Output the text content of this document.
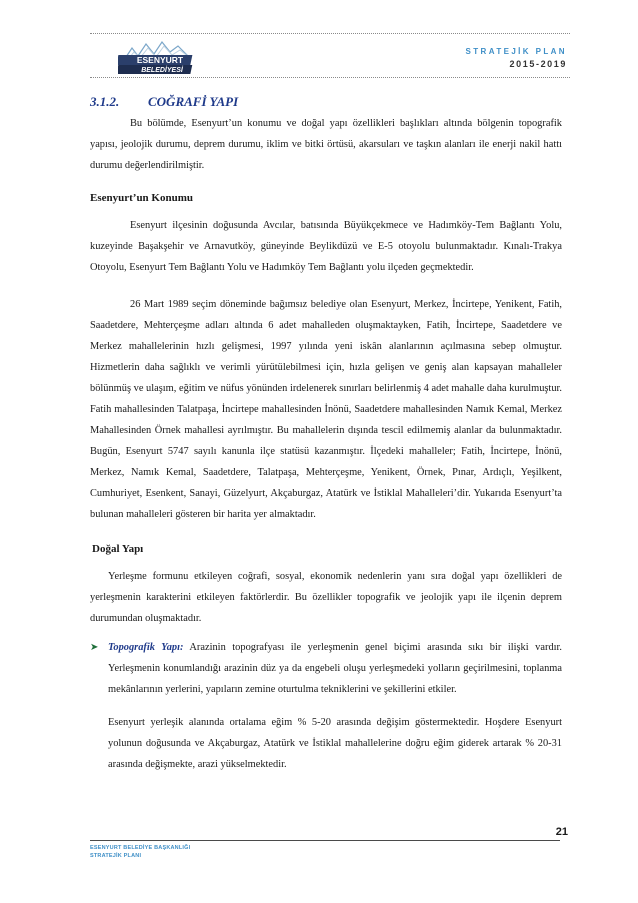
ESENYURT
BELEDİYESİ
STRATEJİK PLAN
2015-2019
3.1.2. COĞRAFİ YAPI

Bu bölümde, Esenyurt’un konumu ve doğal yapı özellikleri başlıkları altında bölgenin topografik yapısı, jeolojik durumu, deprem durumu, iklim ve bitki örtüsü, akarsuları ve taşkın alanları ile enerji nakil hattı durumu değerlendirilmiştir.

Esenyurt’un Konumu

Esenyurt ilçesinin doğusunda Avcılar, batısında Büyükçekmece ve Hadımköy-Tem Bağlantı Yolu, kuzeyinde Başakşehir ve Arnavutköy, güneyinde Beylikdüzü ve E-5 otoyolu bulunmaktadır. Kınalı-Trakya Otoyolu, Esenyurt Tem Bağlantı Yolu ve Hadımköy Tem Bağlantı yolu ilçeden geçmektedir.

26 Mart 1989 seçim döneminde bağımsız belediye olan Esenyurt, Merkez, İncirtepe, Yenikent, Fatih, Saadetdere, Mehterçeşme adları altında 6 adet mahalleden oluşmaktayken, Fatih, İncirtepe, Saadetdere ve Merkez mahallelerinin hızlı gelişmesi, 1997 yılında yeni iskân alanlarının açılmasına sebep olmuştur. Hizmetlerin daha sağlıklı ve verimli yürütülebilmesi için, hızla gelişen ve geniş alan kapsayan mahalleler bölünmüş ve ulaşım, eğitim ve nüfus yönünden irdelenerek sınırları belirlenmiş 4 adet mahalle daha kurulmuştur. Fatih mahallesinden Talatpaşa, İncirtepe mahallesinden İnönü, Saadetdere mahallesinden Namık Kemal, Merkez Mahallesinden Örnek mahallesi ayrılmıştır. Bu mahallelerin dışında tescil edilmemiş alanlar da bulunmaktadır. Bugün, Esenyurt 5747 sayılı kanunla ilçe statüsü kazanmıştır. İlçedeki mahalleler; Fatih, İncirtepe, İnönü, Merkez, Namık Kemal, Saadetdere, Talatpaşa, Mehterçeşme, Yenikent, Örnek, Pınar, Ardıçlı, Yeşilkent, Cumhuriyet, Esenkent, Sanayi, Güzelyurt, Akçaburgaz, Atatürk ve İstiklal Mahalleleri’dir. Yukarıda Esenyurt’ta bulunan mahalleleri gösteren bir harita yer almaktadır.

Doğal Yapı

Yerleşme formunu etkileyen coğrafi, sosyal, ekonomik nedenlerin yanı sıra doğal yapı özellikleri de yerleşmenin karakterini etkileyen faktörlerdir. Bu özellikler topografik ve jeolojik yapı ile ilçenin deprem durumundan oluşmaktadır.

➤ Topografik Yapı: Arazinin topografyası ile yerleşmenin genel biçimi arasında sıkı bir ilişki vardır. Yerleşmenin konumlandığı arazinin düz ya da engebeli oluşu yerleşmedeki yolların geçirilmesini, toplanma mekânlarının yerlerini, yapıların zemine oturtulma tekniklerini ve şekillerini etkiler.

Esenyurt yerleşik alanında ortalama eğim % 5-20 arasında değişim göstermektedir. Hoşdere Esenyurt yolunun doğusunda ve Akçaburgaz, Atatürk ve İstiklal mahallelerine doğru eğim giderek artarak % 20-31 arasında değişmekte, arazi yükselmektedir.

21
ESENYURT BELEDİYE BAŞKANLIĞI
STRATEJİK PLANI
